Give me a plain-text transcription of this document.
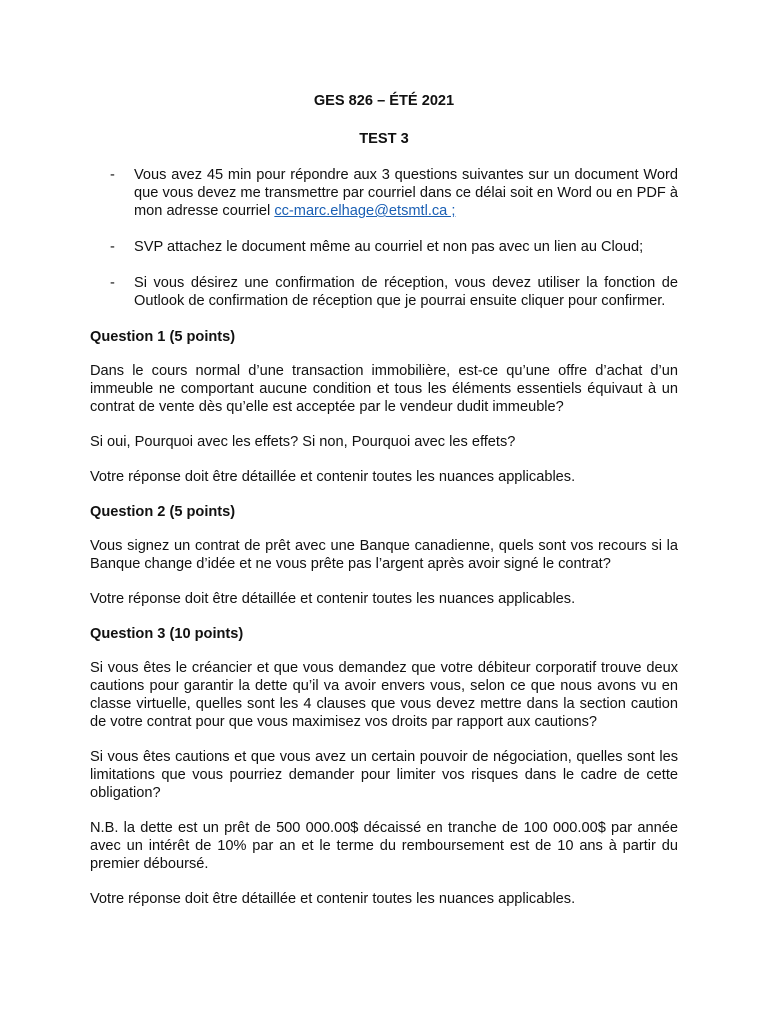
GES 826 – ÉTÉ 2021

TEST 3

- Vous avez 45 min pour répondre aux 3 questions suivantes sur un document Word que vous devez me transmettre par courriel dans ce délai soit en Word ou en PDF à mon adresse courriel cc-marc.elhage@etsmtl.ca ;
- SVP attachez le document même au courriel et non pas avec un lien au Cloud;
- Si vous désirez une confirmation de réception, vous devez utiliser la fonction de Outlook de confirmation de réception que je pourrai ensuite cliquer pour confirmer.

Question 1 (5 points)

Dans le cours normal d’une transaction immobilière, est-ce qu’une offre d’achat d’un immeuble ne comportant aucune condition et tous les éléments essentiels équivaut à un contrat de vente dès qu’elle est acceptée par le vendeur dudit immeuble?

Si oui, Pourquoi avec les effets? Si non, Pourquoi avec les effets?

Votre réponse doit être détaillée et contenir toutes les nuances applicables.

Question 2 (5 points)

Vous signez un contrat de prêt avec une Banque canadienne, quels sont vos recours si la Banque change d’idée et ne vous prête pas l’argent après avoir signé le contrat?

Votre réponse doit être détaillée et contenir toutes les nuances applicables.

Question 3 (10 points)

Si vous êtes le créancier et que vous demandez que votre débiteur corporatif trouve deux cautions pour garantir la dette qu’il va avoir envers vous, selon ce que nous avons vu en classe virtuelle, quelles sont les 4 clauses que vous devez mettre dans la section caution de votre contrat pour que vous maximisez vos droits par rapport aux cautions?

Si vous êtes cautions et que vous avez un certain pouvoir de négociation, quelles sont les limitations que vous pourriez demander pour limiter vos risques dans le cadre de cette obligation?

N.B. la dette est un prêt de 500 000.00$ décaissé en tranche de 100 000.00$ par année avec un intérêt de 10% par an et le terme du remboursement est de 10 ans à partir du premier déboursé.

Votre réponse doit être détaillée et contenir toutes les nuances applicables.
